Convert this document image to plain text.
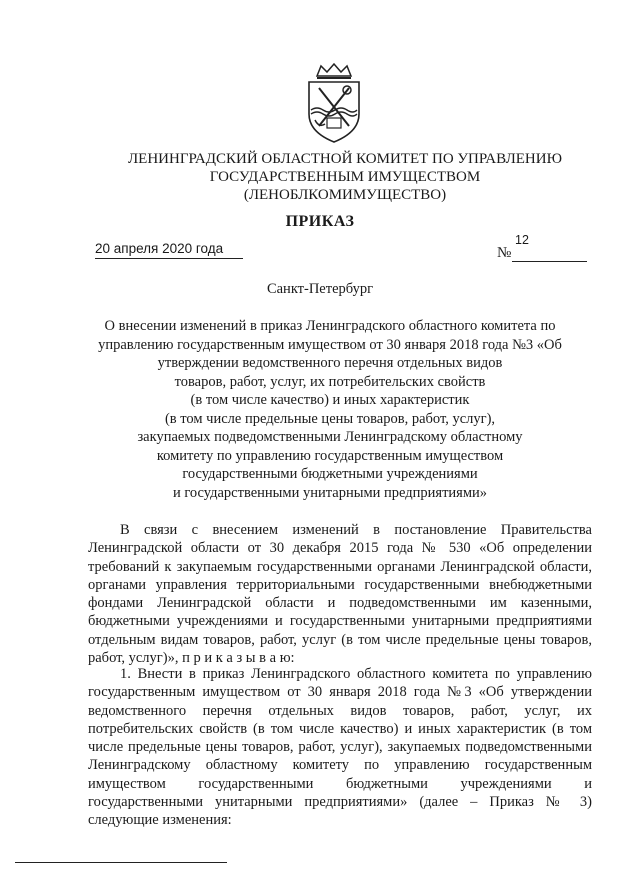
ЛЕНИНГРАДСКИЙ ОБЛАСТНОЙ КОМИТЕТ ПО УПРАВЛЕНИЮ
ГОСУДАРСТВЕННЫМ ИМУЩЕСТВОМ
(ЛЕНОБЛКОМИМУЩЕСТВО)
ПРИКАЗ
20 апреля 2020 года	№
12
Санкт-Петербург
О внесении изменений в приказ Ленинградского областного комитета по
управлению государственным имуществом от 30 января 2018 года №3 «Об
утверждении ведомственного перечня отдельных видов
товаров, работ, услуг, их потребительских свойств
(в том числе качество) и иных характеристик
(в том числе предельные цены товаров, работ, услуг),
закупаемых подведомственными Ленинградскому областному
комитету по управлению государственным имуществом
государственными бюджетными учреждениями
и государственными унитарными предприятиями»
В связи с внесением изменений в постановление Правительства Ленинградской области от 30 декабря 2015 года № 530 «Об определении требований к закупаемым государственными органами Ленинградской области, органами управления территориальными государственными внебюджетными фондами Ленинградской области и подведомственными им казенными, бюджетными учреждениями и государственными унитарными предприятиями отдельным видам товаров, работ, услуг (в том числе предельные цены товаров, работ, услуг)», п р и к а з ы в а ю:
1. Внести в приказ Ленинградского областного комитета по управлению государственным имуществом от 30 января 2018 года №3 «Об утверждении ведомственного перечня отдельных видов товаров, работ, услуг, их потребительских свойств (в том числе качество) и иных характеристик (в том числе предельные цены товаров, работ, услуг), закупаемых подведомственными Ленинградскому областному комитету по управлению государственным имуществом государственными бюджетными учреждениями и государственными унитарными предприятиями» (далее – Приказ № 3) следующие изменения:
